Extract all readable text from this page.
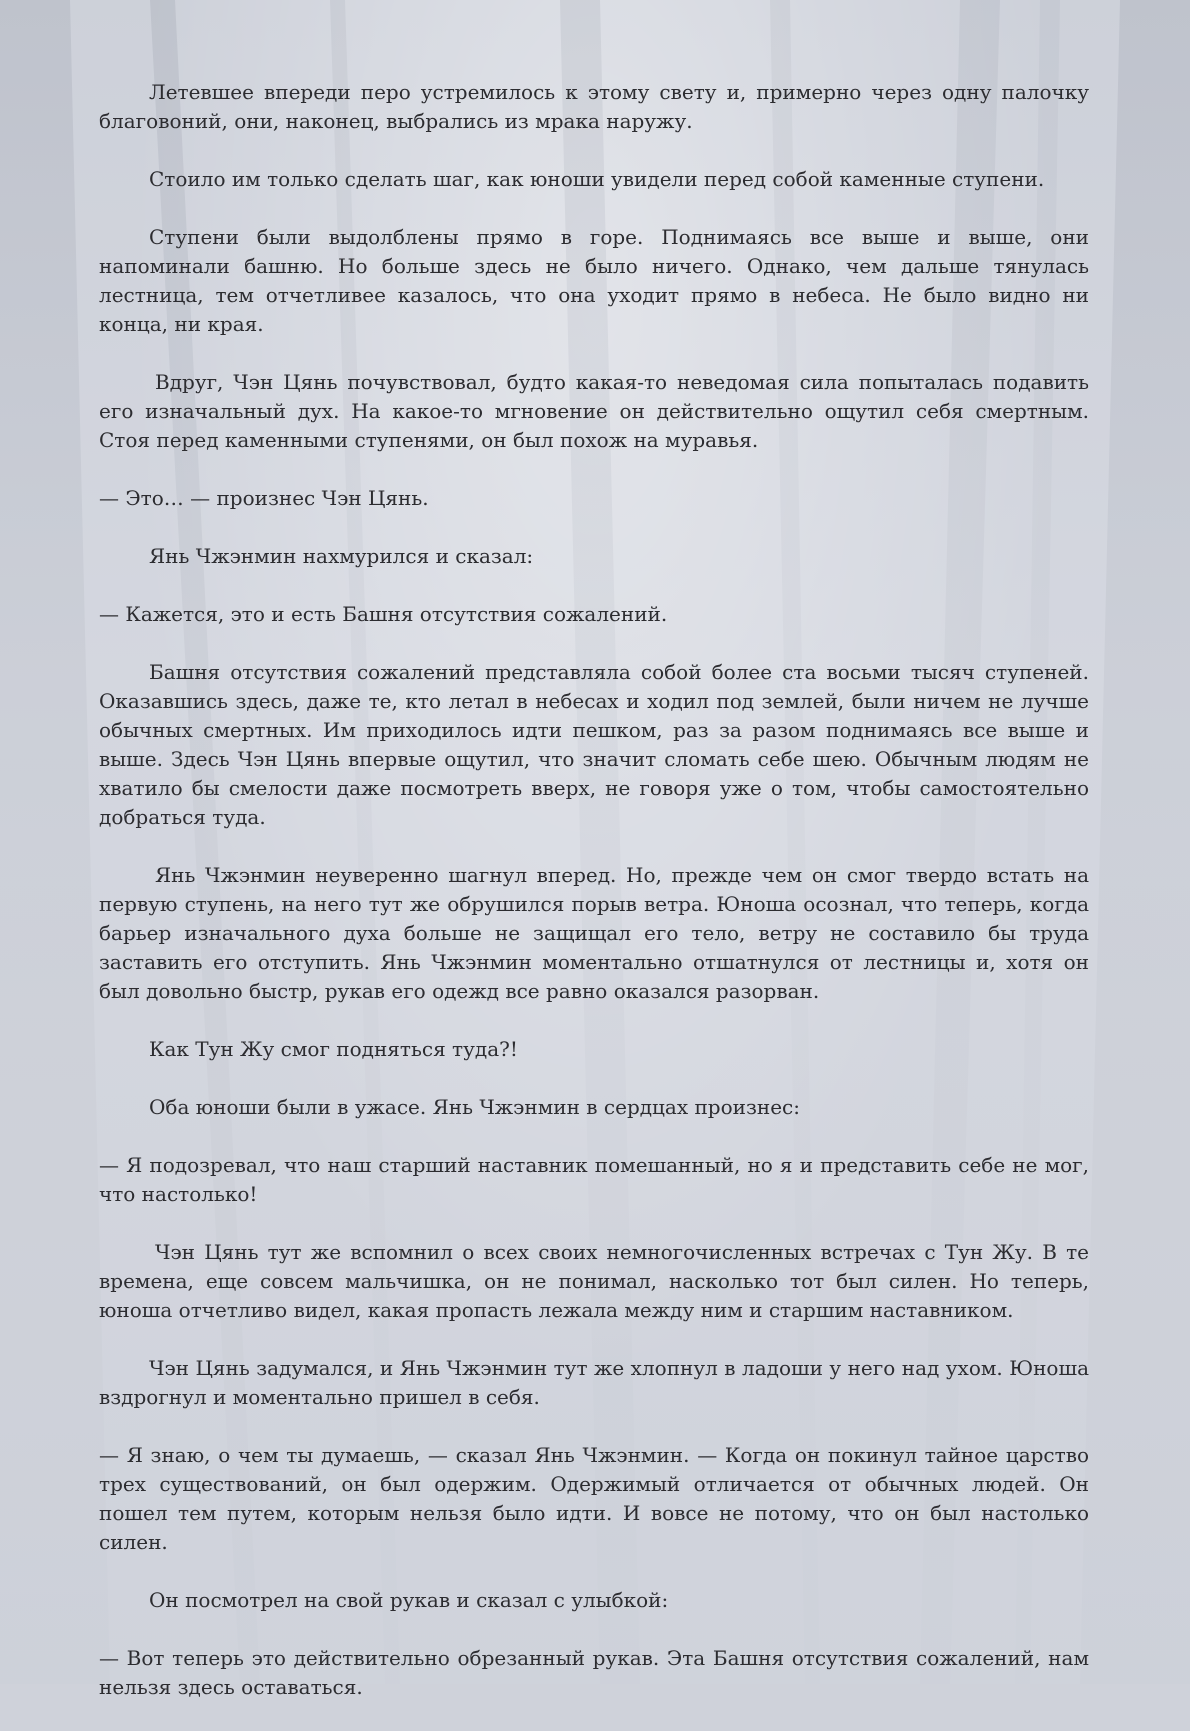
Летевшее впереди перо устремилось к этому свету и, примерно через одну палочку благовоний, они, наконец, выбрались из мрака наружу.

Стоило им только сделать шаг, как юноши увидели перед собой каменные ступени.

Ступени были выдолблены прямо в горе. Поднимаясь все выше и выше, они напоминали башню. Но больше здесь не было ничего. Однако, чем дальше тянулась лестница, тем отчетливее казалось, что она уходит прямо в небеса. Не было видно ни конца, ни края.

Вдруг, Чэн Цянь почувствовал, будто какая-то неведомая сила попыталась подавить его изначальный дух. На какое-то мгновение он действительно ощутил себя смертным. Стоя перед каменными ступенями, он был похож на муравья.

— Это… — произнес Чэн Цянь.

Янь Чжэнмин нахмурился и сказал:

— Кажется, это и есть Башня отсутствия сожалений.

Башня отсутствия сожалений представляла собой более ста восьми тысяч ступеней. Оказавшись здесь, даже те, кто летал в небесах и ходил под землей, были ничем не лучше обычных смертных. Им приходилось идти пешком, раз за разом поднимаясь все выше и выше. Здесь Чэн Цянь впервые ощутил, что значит сломать себе шею. Обычным людям не хватило бы смелости даже посмотреть вверх, не говоря уже о том, чтобы самостоятельно добраться туда.

Янь Чжэнмин неуверенно шагнул вперед. Но, прежде чем он смог твердо встать на первую ступень, на него тут же обрушился порыв ветра. Юноша осознал, что теперь, когда барьер изначального духа больше не защищал его тело, ветру не составило бы труда заставить его отступить. Янь Чжэнмин моментально отшатнулся от лестницы и, хотя он был довольно быстр, рукав его одежд все равно оказался разорван.

Как Тун Жу смог подняться туда?!

Оба юноши были в ужасе. Янь Чжэнмин в сердцах произнес:

— Я подозревал, что наш старший наставник помешанный, но я и представить себе не мог, что настолько!

Чэн Цянь тут же вспомнил о всех своих немногочисленных встречах с Тун Жу. В те времена, еще совсем мальчишка, он не понимал, насколько тот был силен. Но теперь, юноша отчетливо видел, какая пропасть лежала между ним и старшим наставником.

Чэн Цянь задумался, и Янь Чжэнмин тут же хлопнул в ладоши у него над ухом. Юноша вздрогнул и моментально пришел в себя.

— Я знаю, о чем ты думаешь, — сказал Янь Чжэнмин. — Когда он покинул тайное царство трех существований, он был одержим. Одержимый отличается от обычных людей. Он пошел тем путем, которым нельзя было идти. И вовсе не потому, что он был настолько силен.

Он посмотрел на свой рукав и сказал с улыбкой:

— Вот теперь это действительно обрезанный рукав. Эта Башня отсутствия сожалений, нам нельзя здесь оставаться.
